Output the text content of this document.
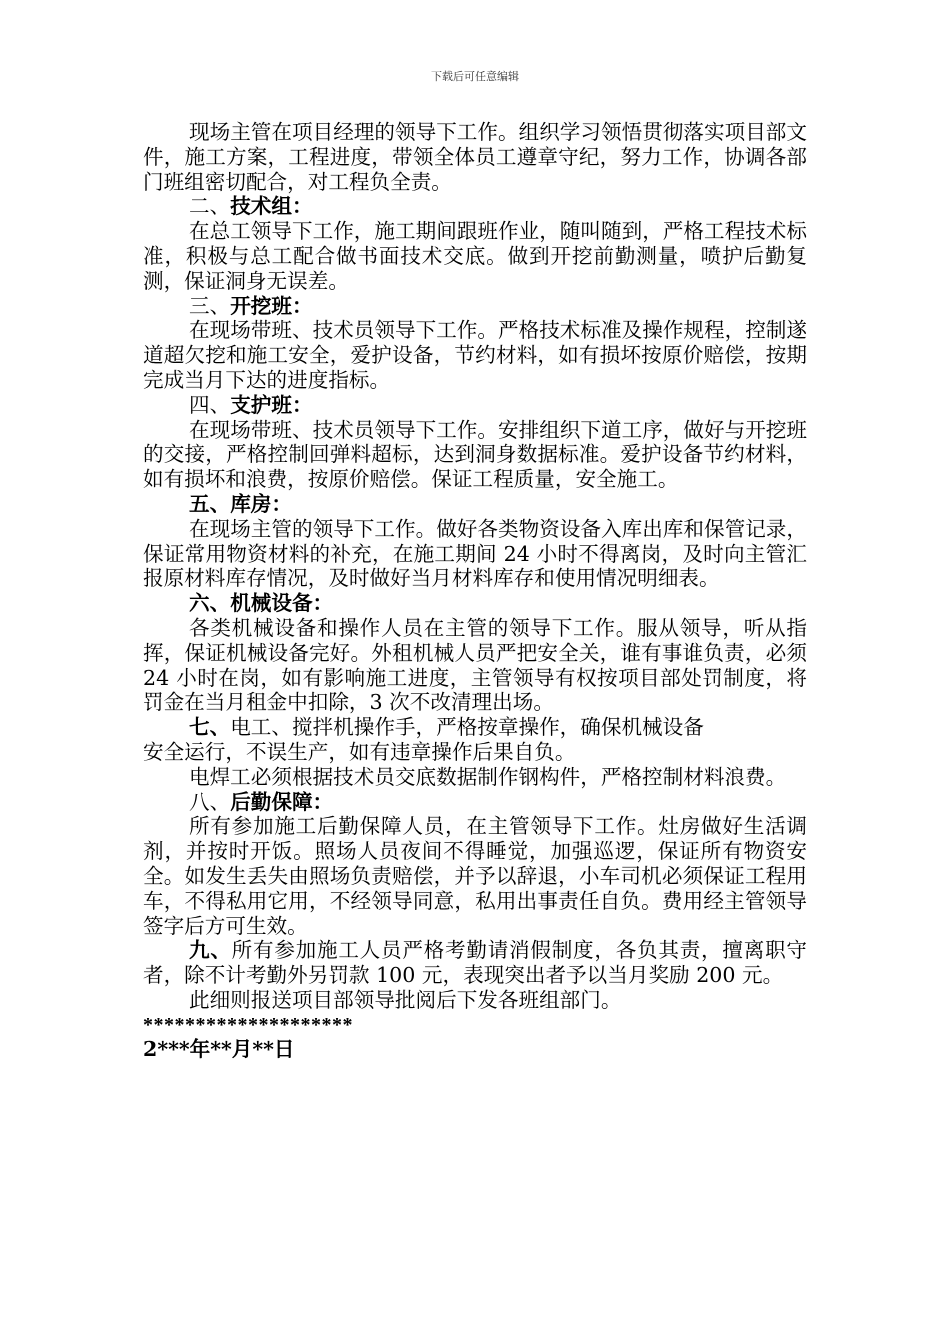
下载后可任意编辑

现场主管在项目经理的领导下工作。组织学习领悟贯彻落实项目部文件，施工方案，工程进度，带领全体员工遵章守纪，努力工作，协调各部门班组密切配合，对工程负全责。

二、技术组：

在总工领导下工作，施工期间跟班作业，随叫随到，严格工程技术标准，积极与总工配合做书面技术交底。做到开挖前勤测量，喷护后勤复测，保证洞身无误差。

三、开挖班：

在现场带班、技术员领导下工作。严格技术标准及操作规程，控制遂道超欠挖和施工安全，爱护设备，节约材料，如有损坏按原价赔偿，按期完成当月下达的进度指标。

四、支护班：

在现场带班、技术员领导下工作。安排组织下道工序，做好与开挖班的交接，严格控制回弹料超标，达到洞身数据标准。爱护设备节约材料，如有损坏和浪费，按原价赔偿。保证工程质量，安全施工。

五、库房：

在现场主管的领导下工作。做好各类物资设备入库出库和保管记录，保证常用物资材料的补充，在施工期间 24 小时不得离岗，及时向主管汇报原材料库存情况，及时做好当月材料库存和使用情况明细表。

六、机械设备：

各类机械设备和操作人员在主管的领导下工作。服从领导，听从指挥，保证机械设备完好。外租机械人员严把安全关，谁有事谁负责，必须 24 小时在岗，如有影响施工进度，主管领导有权按项目部处罚制度，将罚金在当月租金中扣除，3 次不改清理出场。

七、电工、搅拌机操作手，严格按章操作，确保机械设备

安全运行，不误生产，如有违章操作后果自负。

电焊工必须根据技术员交底数据制作钢构件，严格控制材料浪费。

八、后勤保障：

所有参加施工后勤保障人员，在主管领导下工作。灶房做好生活调剂，并按时开饭。照场人员夜间不得睡觉，加强巡逻，保证所有物资安全。如发生丢失由照场负责赔偿，并予以辞退，小车司机必须保证工程用车，不得私用它用，不经领导同意，私用出事责任自负。费用经主管领导签字后方可生效。

九、所有参加施工人员严格考勤请消假制度，各负其责，擅离职守者，除不计考勤外另罚款 100 元，表现突出者予以当月奖励 200 元。

此细则报送项目部领导批阅后下发各班组部门。

********************

2***年**月**日
